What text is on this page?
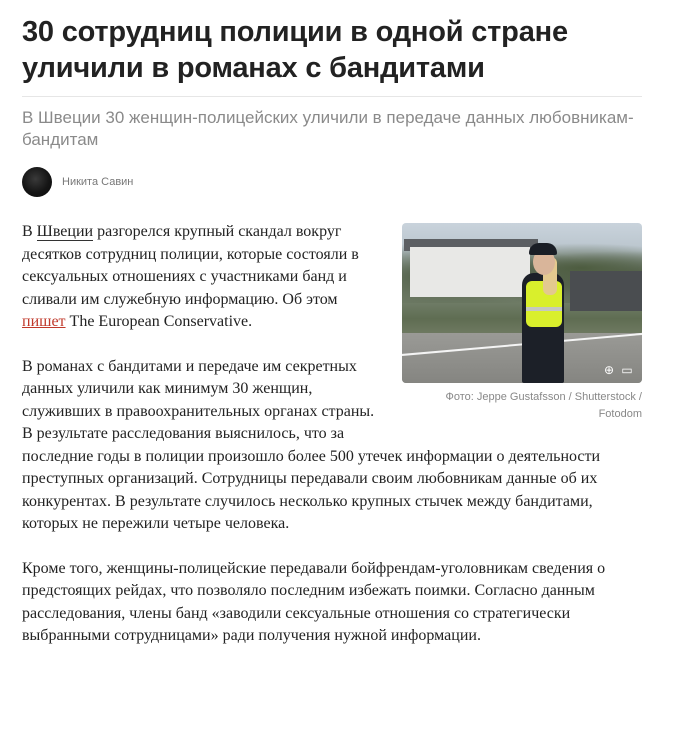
30 сотрудниц полиции в одной стране уличили в романах с бандитами
В Швеции 30 женщин-полицейских уличили в передаче данных любовникам-бандитам
Никита Савин
⊕ ▭
Фото: Jeppe Gustafsson / Shutterstock / Fotodom

В Швеции разгорелся крупный скандал вокруг десятков сотрудниц полиции, которые состояли в сексуальных отношениях с участниками банд и сливали им служебную информацию. Об этом пишет The European Conservative.

В романах с бандитами и передаче им секретных данных уличили как минимум 30 женщин, служивших в правоохранительных органах страны. В результате расследования выяснилось, что за последние годы в полиции произошло более 500 утечек информации о деятельности преступных организаций. Сотрудницы передавали своим любовникам данные об их конкурентах. В результате случилось несколько крупных стычек между бандитами, которых не пережили четыре человека.

Кроме того, женщины-полицейские передавали бойфрендам-уголовникам сведения о предстоящих рейдах, что позволяло последним избежать поимки. Согласно данным расследования, члены банд «заводили сексуальные отношения со стратегически выбранными сотрудницами» ради получения нужной информации.
